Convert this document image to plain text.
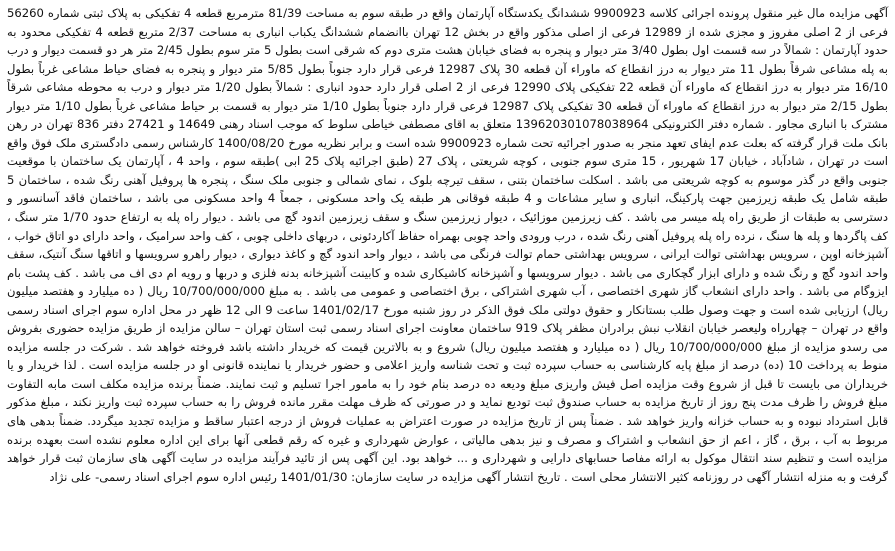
آگهی مزایده مال غیر منقول پرونده اجرائی کلاسه 9900923 ششدانگ یکدستگاه آپارتمان واقع در طبقه سوم به مساحت 81/39 مترمربع قطعه 4 تفکیکی به پلاک ثبتی شماره 56260 فرعی از 2 اصلی مفروز و مجزی شده از 12989 فرعی از اصلی مذکور واقع در بخش 12 تهران باانضمام ششدانگ یکباب انباری به مساحت 2/37 متربع قطعه 4 تفکیکی محدود به حدود آپارتمان : شمالاً در سه قسمت اول بطول 3/40 متر دیوار و پنجره به فضای خیابان هشت متری دوم که شرقی است بطول 5 متر سوم بطول 2/45 متر هر دو قسمت دیوار و درب به پله مشاعی شرقاً بطول 11 متر دیوار به درز انقطاع که ماوراء آن قطعه 30 پلاک 12987 فرعی قرار دارد جنوباً بطول 5/85 متر دیوار و پنجره به فضای حیاط مشاعی غرباً بطول 16/10 متر دیوار به درز انقطاع که ماوراء آن قطعه 22 تفکیکی پلاک 12990 فرعی از 2 اصلی قرار دارد حدود انباری : شمالاً بطول 1/20 متر دیوار و درب به محوطه مشاعی شرقاً بطول 2/15 متر دیوار به درز انقطاع که ماوراء آن قطعه 30 تفکیکی پلاک 12987 فرعی قرار دارد جنوباً بطول 1/10 متر دیوار به قسمت بر حیاط مشاعی غرباً بطول 1/10 متر دیوار مشترک با انباری مجاور . شماره دفتر الکترونیکی 139620301078038964 متعلق به اقای مصطفی خیاطی سلوط که موجب اسناد رهنی 14649 و 27421 دفتر 836 تهران در رهن بانک ملت قرار گرفته که بعلت عدم ایفای تعهد منجر به صدور اجرائیه تحت شماره 9900923 شده است و برابر نظریه مورخ 1400/08/20 کارشناس رسمی دادگستری ملک فوق واقع است در تهران ، شادآباد ، خیابان 17 شهریور ، 15 متری سوم جنوبی ، کوچه شریعتی ، پلاک 27 (طبق اجرائیه پلاک 25 ابی )طبقه سوم ، واحد 4 ، آپارتمان یک ساختمان با موقعیت جنوبی واقع در گذر موسوم به کوچه شریعتی می باشد . اسکلت ساختمان بتنی ، سقف تیرچه بلوک ، نمای شمالی و جنوبی ملک سنگ ، پنجره ها پروفیل آهنی رنگ شده ، ساختمان 5 طبقه شامل یک طبقه زیرزمین جهت پارکینگ، انباری و سایر مشاعات و 4 طبقه فوقانی هر طبقه یک واحد مسکونی ، جمعاً 4 واحد مسکونی می باشد ، ساختمان فاقد آسانسور و دسترسی به طبقات از طریق راه پله میسر می باشد . کف زیرزمین موزائیک ، دیوار زیرزمین سنگ و سقف زیرزمین اندود گچ می باشد . دیوار راه پله به ارتفاع حدود 1/70 متر سنگ ، کف پاگردها و پله ها سنگ ، نرده راه پله پروفیل آهنی رنگ شده ، درب ورودی واحد چوبی بهمراه حفاظ آکاردئونی ، دربهای داخلی چوبی ، کف واحد سرامیک ، واحد دارای دو اتاق خواب ، آشپزخانه اوپن ، سرویس بهداشتی توالت ایرانی ، سرویس بهداشتی حمام توالت فرنگی می باشد ، دیوار واحد اندود گچ و کاغذ دیواری ، دیوار راهرو سرویسها و اتاقها سنگ آنتیک، سقف واحد اندود گچ و رنگ شده و دارای ابزار گچکاری می باشد . دیوار سرویسها و آشپزخانه کاشیکاری شده و کابینت آشپزخانه بدنه فلزی و دربها و رویه ام دی اف می باشد . کف پشت بام ایزوگام می باشد . واحد دارای انشعاب گاز شهری اختصاصی ، آب شهری اشتراکی ، برق اختصاصی و عمومی می باشد . به مبلغ 10/700/000/000 ریال ( ده میلیارد و هفتصد میلیون ریال) ارزیابی شده است و جهت وصول طلب بستانکار و حقوق دولتی ملک فوق الذکر در روز شنبه مورخ 1401/02/17 ساعت 9 الی 12 ظهر در محل اداره سوم اجرای اسناد رسمی واقع در تهران – چهارراه ولیعصر خیابان انقلاب نبش برادران مظفر پلاک 919 ساختمان معاونت اجرای اسناد رسمی ثبت استان تهران – سالن مزایده از طریق مزایده حضوری بفروش می رسدو مزایده از مبلغ 10/700/000/000 ریال ( ده میلیارد و هفتصد میلیون ریال) شروع و به بالاترین قیمت که خریدار داشته باشد فروخته خواهد شد . شرکت در جلسه مزایده منوط به پرداخت 10 (ده) درصد از مبلغ پایه کارشناسی به حساب سپرده ثبت و تحت شناسه واریز اعلامی و حضور خریدار یا نماینده قانونی او در جلسه مزایده است . لذا خریدار و یا خریداران می بایست تا قبل از شروع وقت مزایده اصل فیش واریزی مبلغ ودیعه ده درصد بنام خود را به مامور اجرا تسلیم و ثبت نمایند. ضمناً برنده مزایده مکلف است مابه التفاوت مبلغ فروش را ظرف مدت پنج روز از تاریخ مزایده به حساب صندوق ثبت تودیع نماید و در صورتی که ظرف مهلت مقرر مانده فروش را به حساب سپرده ثبت واریز نکند ، مبلغ مذکور قابل استرداد نبوده و به حساب خزانه واریز خواهد شد . ضمناً پس از تاریخ مزایده در صورت اعتراض به عملیات فروش از درجه اعتبار ساقط و مزایده تجدید میگردد. ضمناً بدهی های مربوط به آب ، برق ، گاز ، اعم از حق انشعاب و اشتراک و مصرف و نیز بدهی مالیاتی ، عوارض شهرداری و غیره که رقم قطعی آنها برای این اداره معلوم نشده است بعهده برنده مزایده است و تنظیم سند انتقال موکول به ارائه مفاصا حسابهای دارایی و شهرداری و ... خواهد بود. این آگهی پس از تائید فرآیند مزایده در سایت آگهی های سازمان ثبت قرار خواهد گرفت و به منزله انتشار آگهی در روزنامه کثیر الانتشار محلی است . تاریخ انتشار آگهی مزایده در سایت سازمان: 1401/01/30 رئیس اداره سوم اجرای اسناد رسمی- علی نژاد
